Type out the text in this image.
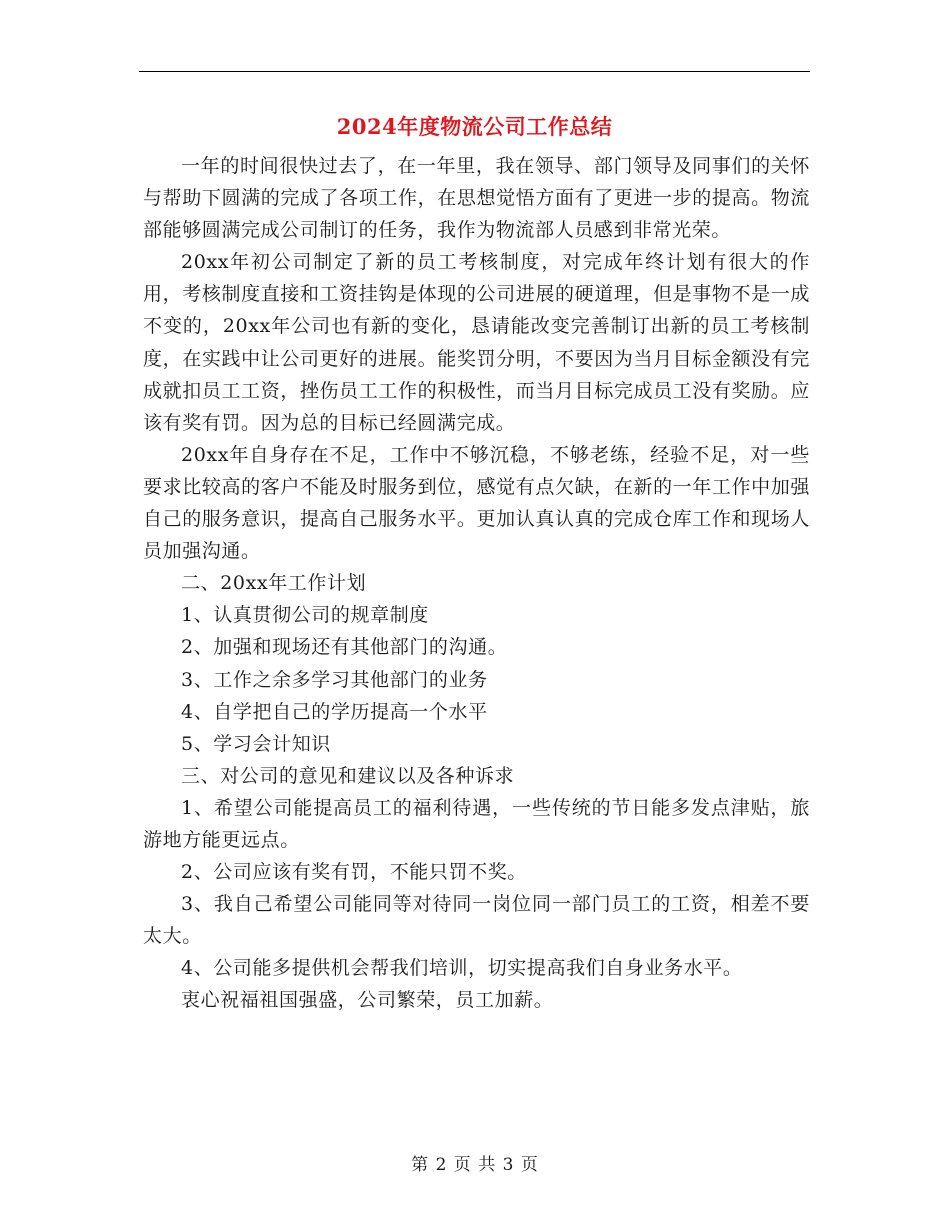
2024年度物流公司工作总结

一年的时间很快过去了，在一年里，我在领导、部门领导及同事们的关怀与帮助下圆满的完成了各项工作，在思想觉悟方面有了更进一步的提高。物流部能够圆满完成公司制订的任务，我作为物流部人员感到非常光荣。

20xx年初公司制定了新的员工考核制度，对完成年终计划有很大的作用，考核制度直接和工资挂钩是体现的公司进展的硬道理，但是事物不是一成不变的，20xx年公司也有新的变化，恳请能改变完善制订出新的员工考核制度，在实践中让公司更好的进展。能奖罚分明，不要因为当月目标金额没有完成就扣员工工资，挫伤员工工作的积极性，而当月目标完成员工没有奖励。应该有奖有罚。因为总的目标已经圆满完成。

20xx年自身存在不足，工作中不够沉稳，不够老练，经验不足，对一些要求比较高的客户不能及时服务到位，感觉有点欠缺，在新的一年工作中加强自己的服务意识，提高自己服务水平。更加认真认真的完成仓库工作和现场人员加强沟通。

二、20xx年工作计划

1、认真贯彻公司的规章制度

2、加强和现场还有其他部门的沟通。

3、工作之余多学习其他部门的业务

4、自学把自己的学历提高一个水平

5、学习会计知识

三、对公司的意见和建议以及各种诉求

1、希望公司能提高员工的福利待遇，一些传统的节日能多发点津贴，旅游地方能更远点。

2、公司应该有奖有罚，不能只罚不奖。

3、我自己希望公司能同等对待同一岗位同一部门员工的工资，相差不要太大。

4、公司能多提供机会帮我们培训，切实提高我们自身业务水平。

衷心祝福祖国强盛，公司繁荣，员工加薪。

第 2 页 共 3 页
